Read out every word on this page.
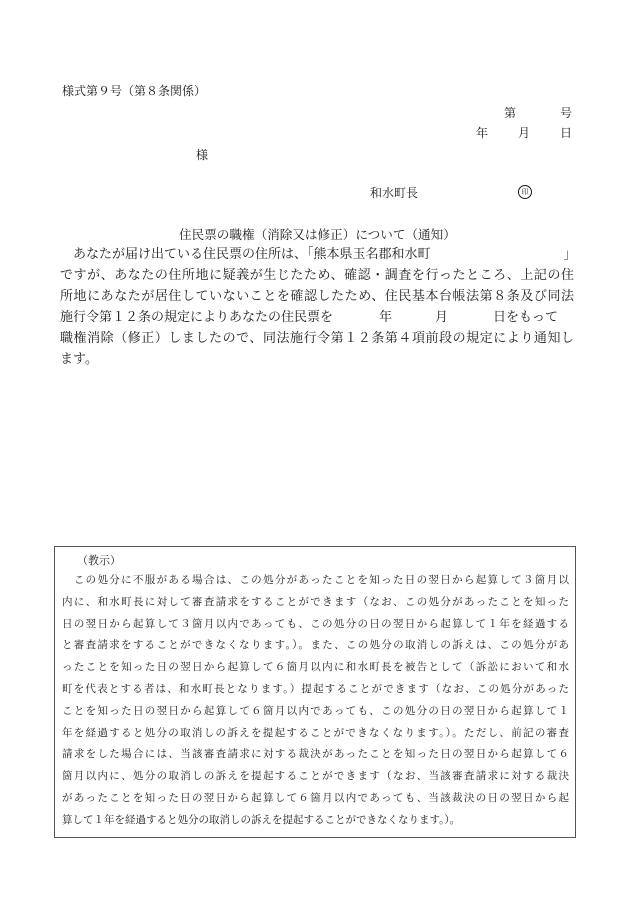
様式第９号（第８条関係）
第	号
年 月 日
様
和水町長	印
住民票の職権（消除又は修正）について（通知）
　あなたが届け出ている住民票の住所は、「熊本県玉名郡和水町	」
ですが、あなたの住所地に疑義が生じたため、確認・調査を行ったところ、上記の住
所地にあなたが居住していないことを確認したため、住民基本台帳法第８条及び同法
施行令第１２条の規定によりあなたの住民票を	年	月	日をもって
職権消除（修正）しましたので、同法施行令第１２条第４項前段の規定により通知し
ます。
（教示）
　この処分に不服がある場合は、この処分があったことを知った日の翌日から起算して３箇月以
内に、和水町長に対して審査請求をすることができます（なお、この処分があったことを知った
日の翌日から起算して３箇月以内であっても、この処分の日の翌日から起算して１年を経過する
と審査請求をすることができなくなります。）。また、この処分の取消しの訴えは、この処分があ
ったことを知った日の翌日から起算して６箇月以内に和水町長を被告として（訴訟において和水
町を代表とする者は、和水町長となります。）提起することができます（なお、この処分があった
ことを知った日の翌日から起算して６箇月以内であっても、この処分の日の翌日から起算して１
年を経過すると処分の取消しの訴えを提起することができなくなります。）。ただし、前記の審査
請求をした場合には、当該審査請求に対する裁決があったことを知った日の翌日から起算して６
箇月以内に、処分の取消しの訴えを提起することができます（なお、当該審査請求に対する裁決
があったことを知った日の翌日から起算して６箇月以内であっても、当該裁決の日の翌日から起
算して１年を経過すると処分の取消しの訴えを提起することができなくなります。）。
